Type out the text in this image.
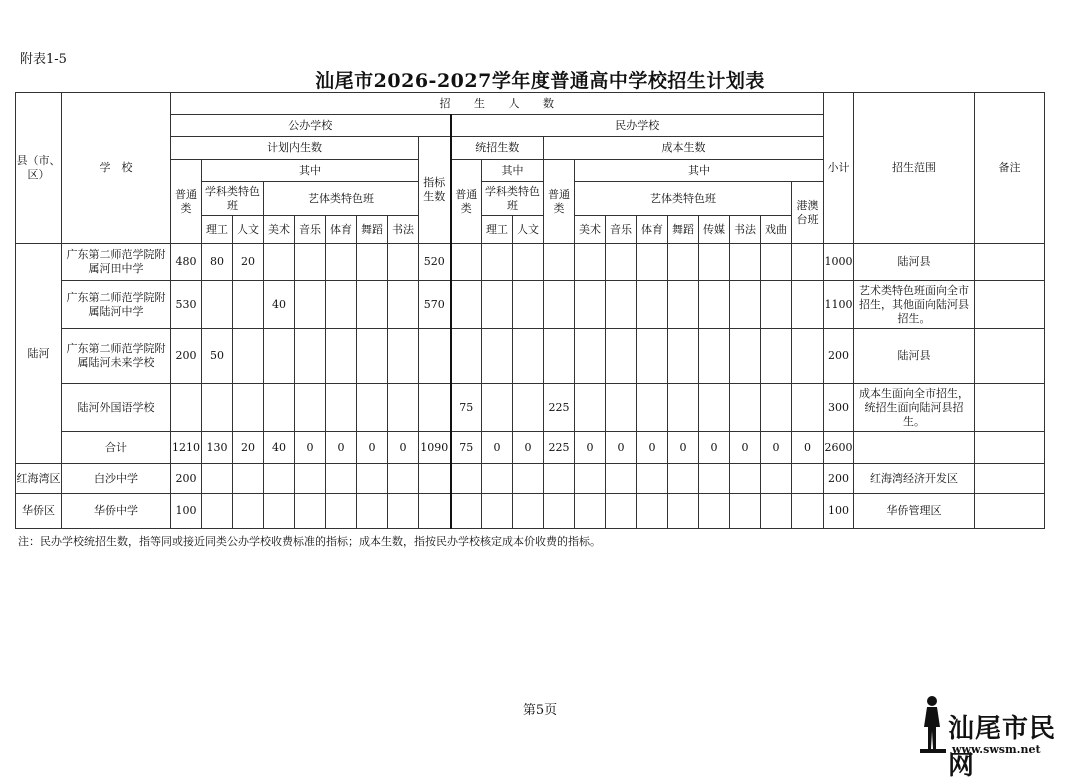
附表1-5
汕尾市2026-2027学年度普通高中学校招生计划表
县（市、区）	学　校	招　　生　　人　　数																					小计	招生范围	备注
		公办学校									民办学校														
		计划内生数								指标生数	统招生数			成本生数											
		普通类	其中								普通类	其中		普通类	其中										
			学科类特色班		艺体类特色班							学科类特色班			艺体类特色班							港澳台班			
			理工	人文	美术	音乐	体育	舞蹈	书法			理工	人文		美术	音乐	体育	舞蹈	传媒	书法	戏曲				
陆河	广东第二师范学院附属河田中学	480	80	20						520													1000	陆河县	
	广东第二师范学院附属陆河中学	530			40					570													1100	艺术类特色班面向全市招生，其他面向陆河县招生。	
	广东第二师范学院附属陆河未来学校	200	50																				200	陆河县	
	陆河外国语学校										75			225									300	成本生面向全市招生，统招生面向陆河县招生。	
	合计	1210	130	20	40	0	0	0	0	1090	75	0	0	225	0	0	0	0	0	0	0	0	2600		
红海湾区	白沙中学	200																					200	红海湾经济开发区	
华侨区	华侨中学	100																					100	华侨管理区	
注：民办学校统招生数，指等同或接近同类公办学校收费标准的指标；成本生数，指按民办学校核定成本价收费的指标。
第5页
汕尾市民网
www.swsm.net
